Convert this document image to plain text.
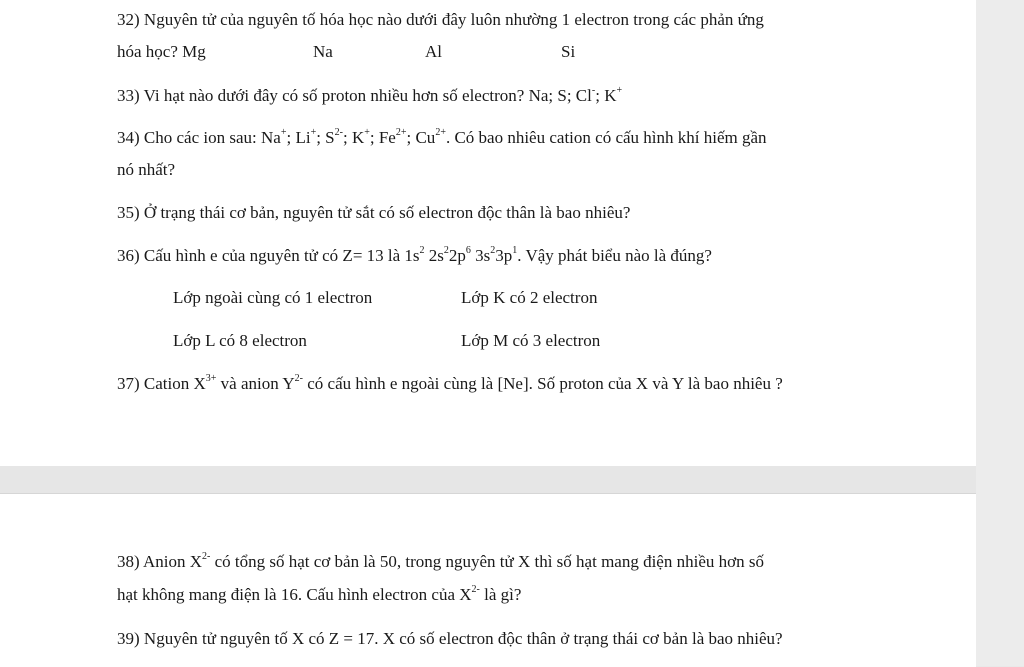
32) Nguyên tử của nguyên tố hóa học nào dưới đây luôn nhường 1 electron trong các phản ứng
hóa học? Mg	Na	Al	Si
33) Vi hạt nào dưới đây có số proton nhiều hơn số electron? Na; S; Cl-; K+
34) Cho các ion sau: Na+; Li+; $S^{2-}$; K+; $Fe^{2+}$; $Cu^{2+}$. Có bao nhiêu cation có cấu hình khí hiếm gần
nó nhất?
35) Ở trạng thái cơ bản, nguyên tử sắt có số electron độc thân là bao nhiêu?
36) Cấu hình e của nguyên tử có Z= 13 là $1s^2$ $2s^22p^6$ $3s^23p^1$. Vậy phát biểu nào là đúng?
Lớp ngoài cùng có 1 electron	Lớp K có 2 electron
Lớp L có 8 electron	Lớp M có 3 electron
37) Cation $X^{3+}$ và anion $Y^{2-}$ có cấu hình e ngoài cùng là [Ne]. Số proton của X và Y là bao nhiêu ?
38) Anion $X^{2-}$ có tổng số hạt cơ bản là 50, trong nguyên tử X thì số hạt mang điện nhiều hơn số
hạt không mang điện là 16. Cấu hình electron của $X^{2-}$ là gì?
39) Nguyên tử nguyên tố X có Z = 17. X có số electron độc thân ở trạng thái cơ bản là bao nhiêu?
